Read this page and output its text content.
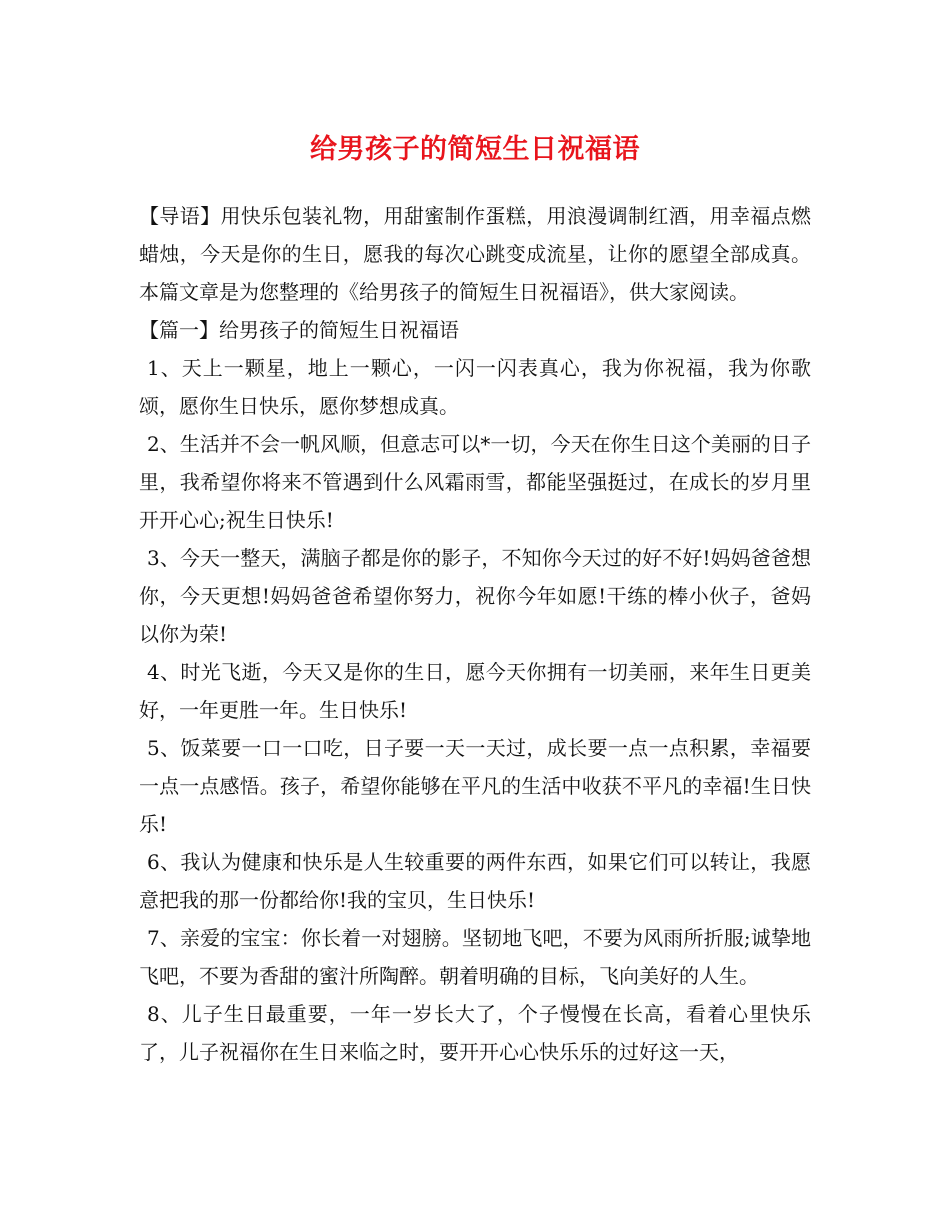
给男孩子的简短生日祝福语

【导语】用快乐包装礼物，用甜蜜制作蛋糕，用浪漫调制红酒，用幸福点燃蜡烛，今天是你的生日，愿我的每次心跳变成流星，让你的愿望全部成真。本篇文章是为您整理的《给男孩子的简短生日祝福语》，供大家阅读。

【篇一】给男孩子的简短生日祝福语

1、天上一颗星，地上一颗心，一闪一闪表真心，我为你祝福，我为你歌颂，愿你生日快乐，愿你梦想成真。

2、生活并不会一帆风顺，但意志可以*一切，今天在你生日这个美丽的日子里，我希望你将来不管遇到什么风霜雨雪，都能坚强挺过，在成长的岁月里开开心心;祝生日快乐!

3、今天一整天，满脑子都是你的影子，不知你今天过的好不好!妈妈爸爸想你，今天更想!妈妈爸爸希望你努力，祝你今年如愿!干练的棒小伙子，爸妈以你为荣!

4、时光飞逝，今天又是你的生日，愿今天你拥有一切美丽，来年生日更美好，一年更胜一年。生日快乐!

5、饭菜要一口一口吃，日子要一天一天过，成长要一点一点积累，幸福要一点一点感悟。孩子，希望你能够在平凡的生活中收获不平凡的幸福!生日快乐!

6、我认为健康和快乐是人生较重要的两件东西，如果它们可以转让，我愿意把我的那一份都给你!我的宝贝，生日快乐!

7、亲爱的宝宝：你长着一对翅膀。坚韧地飞吧，不要为风雨所折服;诚挚地飞吧，不要为香甜的蜜汁所陶醉。朝着明确的目标，飞向美好的人生。

8、儿子生日最重要，一年一岁长大了，个子慢慢在长高，看着心里快乐了，儿子祝福你在生日来临之时，要开开心心快乐乐的过好这一天，
